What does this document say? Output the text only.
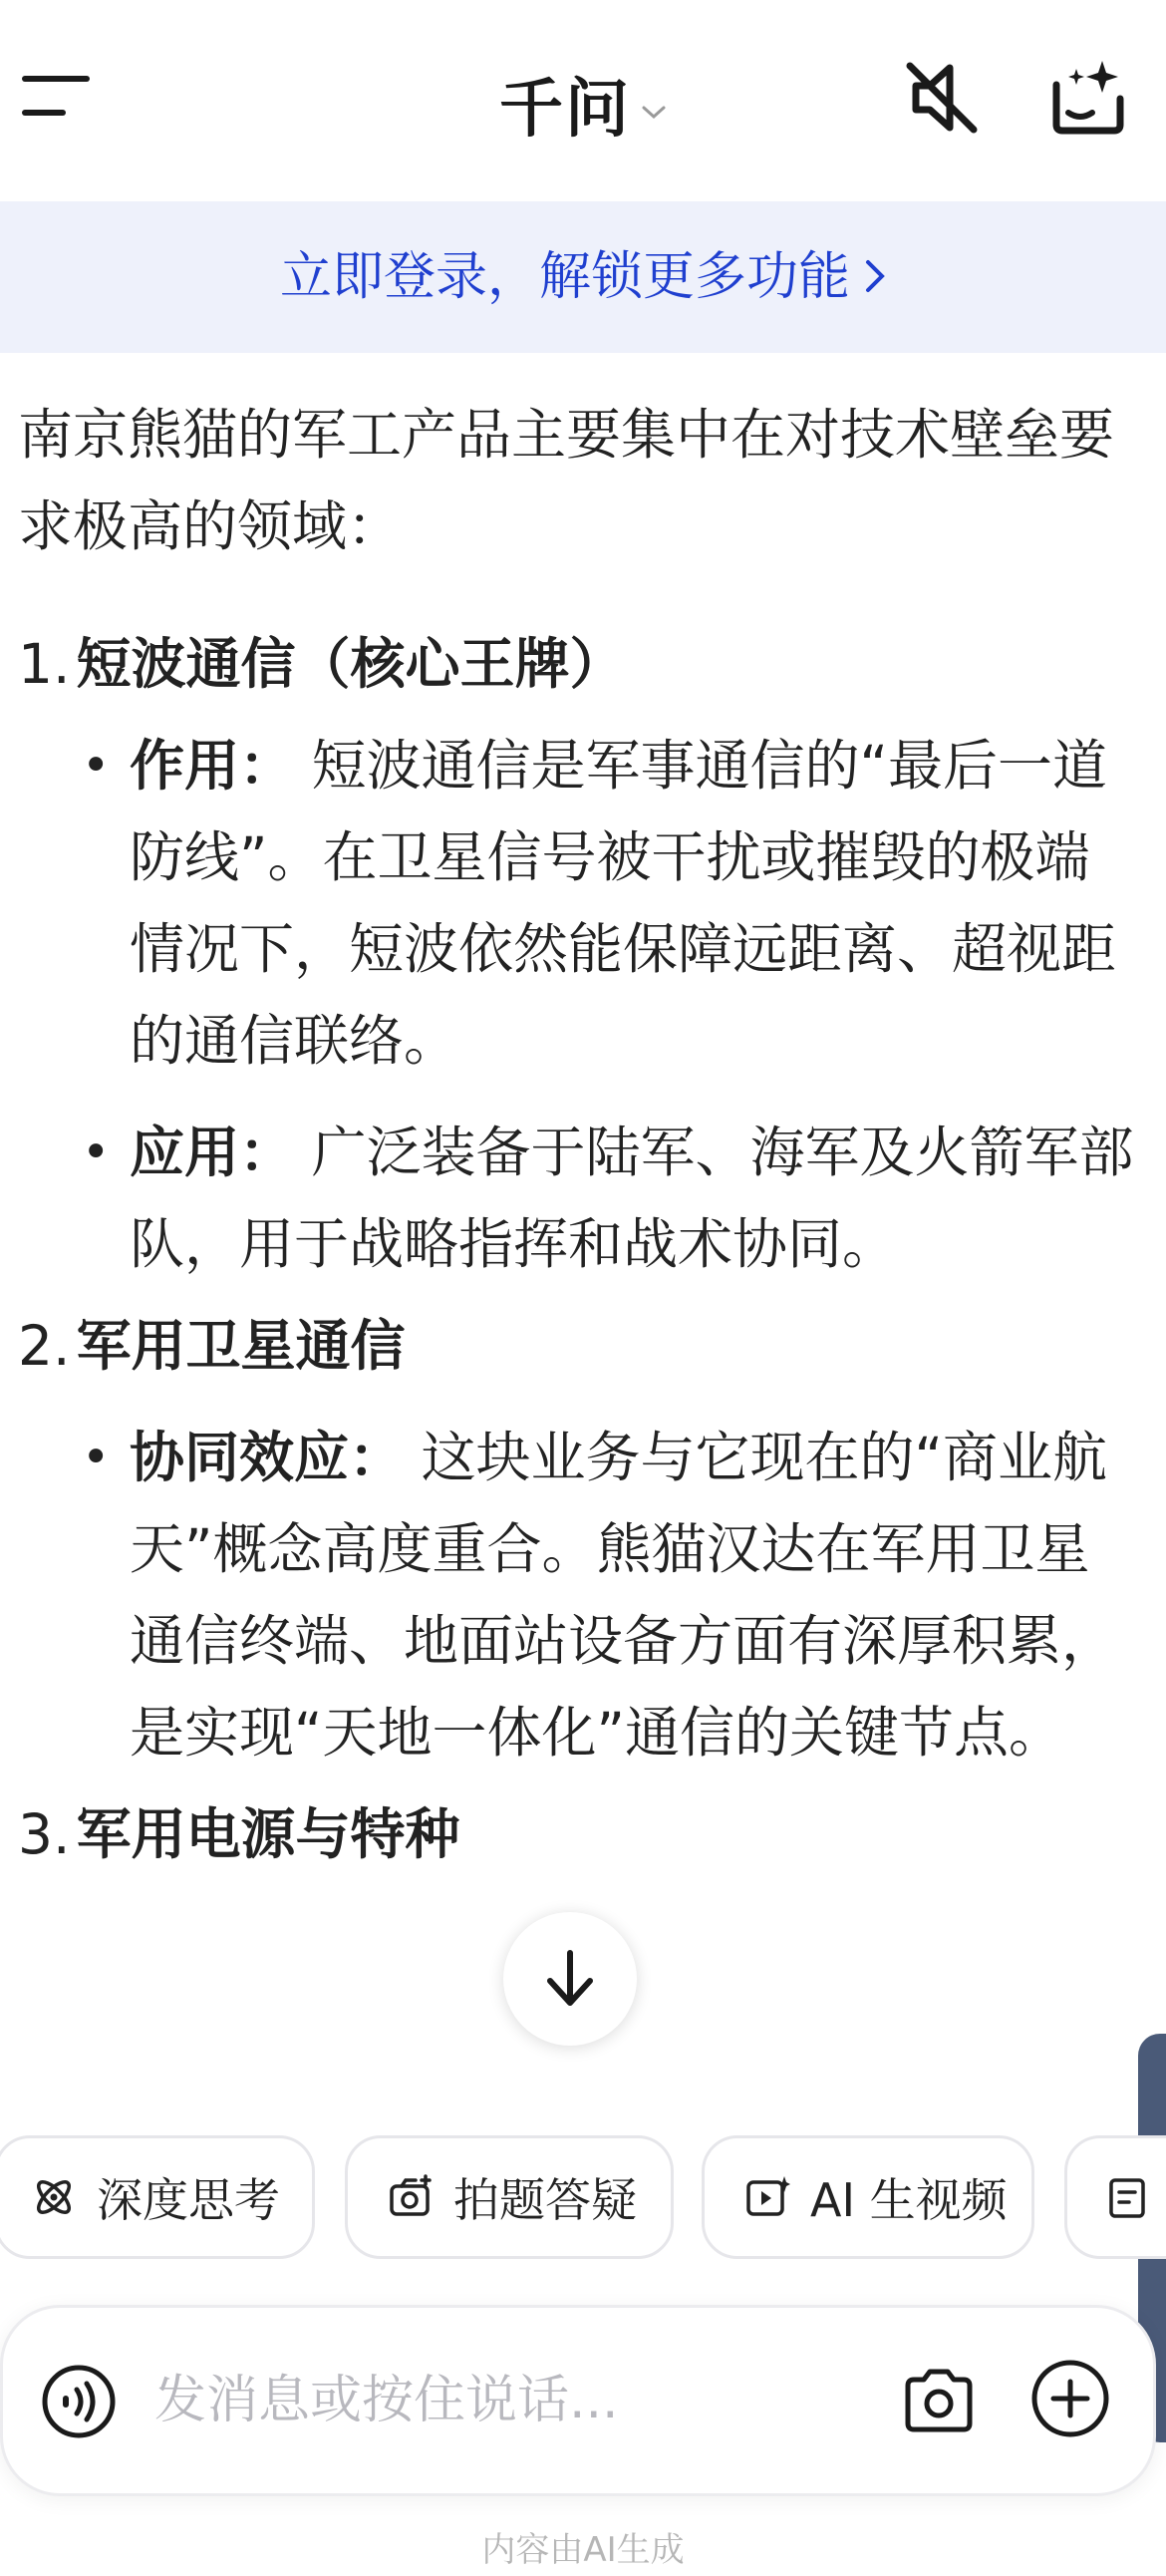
千问
立即登录，解锁更多功能

南京熊猫的军工产品主要集中在对技术壁垒要求极高的领域：

1. 短波通信（核心王牌）
• 作用： 短波通信是军事通信的“最后一道防线”。在卫星信号被干扰或摧毁的极端情况下，短波依然能保障远距离、超视距的通信联络。
• 应用： 广泛装备于陆军、海军及火箭军部队，用于战略指挥和战术协同。
2. 军用卫星通信
• 协同效应： 这块业务与它现在的“商业航天”概念高度重合。熊猫汉达在军用卫星通信终端、地面站设备方面有深厚积累，是实现“天地一体化”通信的关键节点。
3. 军用电源与特种
深度思考	拍题答疑	AI 生视频
发消息或按住说话...
内容由AI生成
